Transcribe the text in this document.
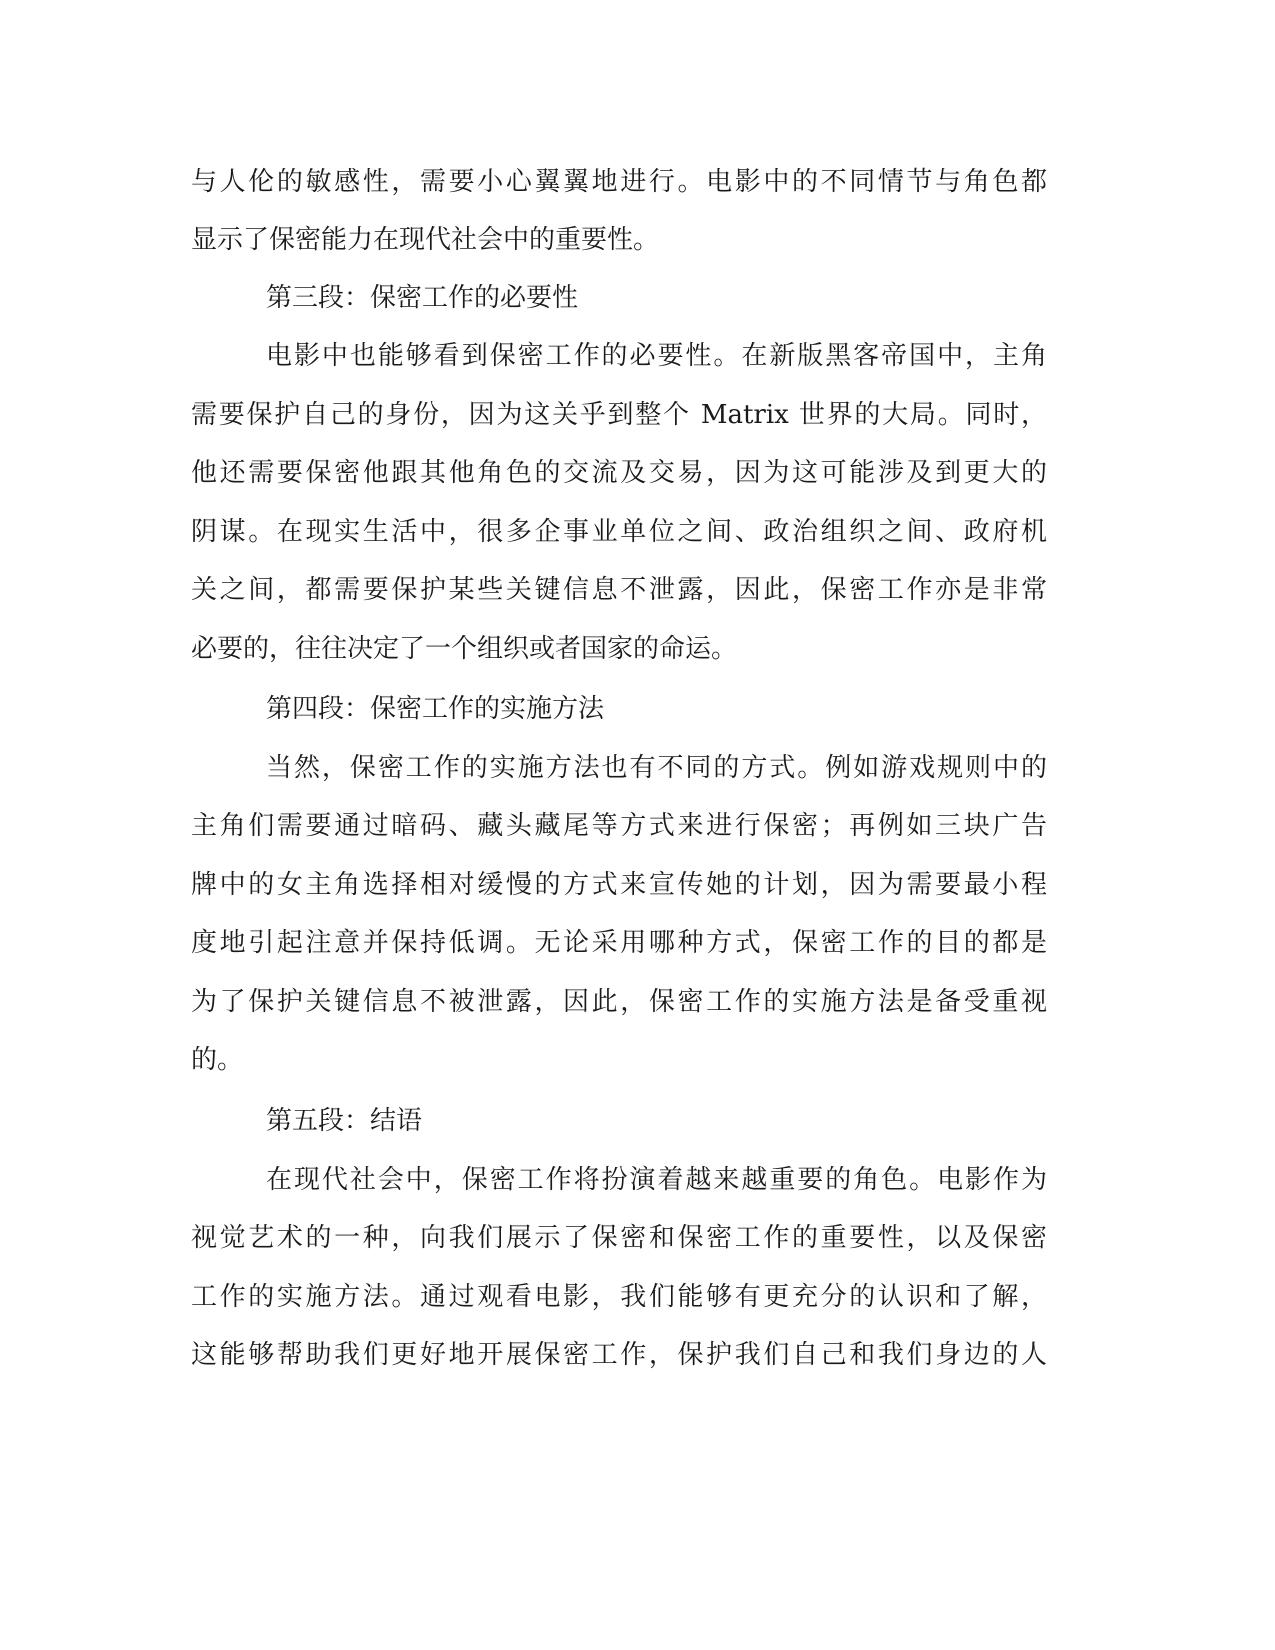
与人伦的敏感性，需要小心翼翼地进行。电影中的不同情节与角色都

显示了保密能力在现代社会中的重要性。

第三段：保密工作的必要性

电影中也能够看到保密工作的必要性。在新版黑客帝国中，主角

需要保护自己的身份，因为这关乎到整个 Matrix 世界的大局。同时，

他还需要保密他跟其他角色的交流及交易，因为这可能涉及到更大的

阴谋。在现实生活中，很多企事业单位之间、政治组织之间、政府机

关之间，都需要保护某些关键信息不泄露，因此，保密工作亦是非常

必要的，往往决定了一个组织或者国家的命运。

第四段：保密工作的实施方法

当然，保密工作的实施方法也有不同的方式。例如游戏规则中的

主角们需要通过暗码、藏头藏尾等方式来进行保密；再例如三块广告

牌中的女主角选择相对缓慢的方式来宣传她的计划，因为需要最小程

度地引起注意并保持低调。无论采用哪种方式，保密工作的目的都是

为了保护关键信息不被泄露，因此，保密工作的实施方法是备受重视

的。

第五段：结语

在现代社会中，保密工作将扮演着越来越重要的角色。电影作为

视觉艺术的一种，向我们展示了保密和保密工作的重要性，以及保密

工作的实施方法。通过观看电影，我们能够有更充分的认识和了解，

这能够帮助我们更好地开展保密工作，保护我们自己和我们身边的人
